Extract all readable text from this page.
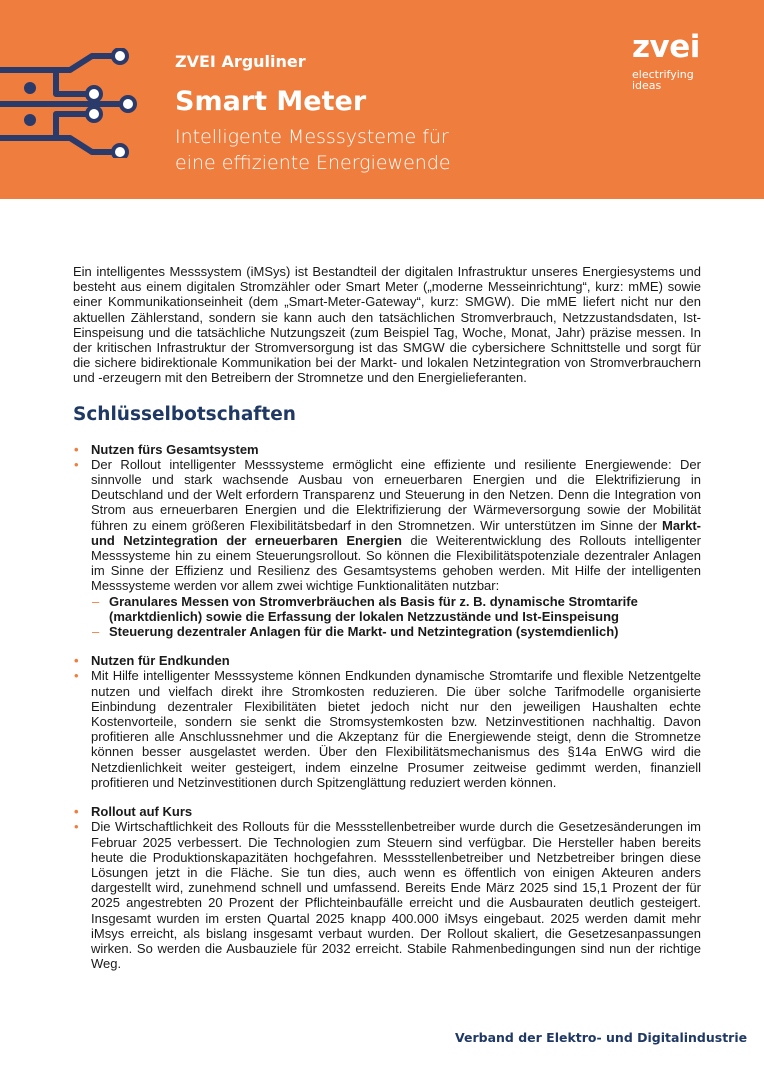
ZVEI Arguliner
Smart Meter
Intelligente Messsysteme für
eine effiziente Energiewende
zvei
electrifying
ideas

Ein intelligentes Messsystem (iMSys) ist Bestandteil der digitalen Infrastruktur unseres Energiesystems und besteht aus einem digitalen Stromzähler oder Smart Meter („moderne Messeinrichtung“, kurz: mME) sowie einer Kommunikationseinheit (dem „Smart-Meter-Gateway“, kurz: SMGW). Die mME liefert nicht nur den aktuellen Zählerstand, sondern sie kann auch den tatsächlichen Stromverbrauch, Netzzustandsdaten, Ist-Einspeisung und die tatsächliche Nutzungszeit (zum Beispiel Tag, Woche, Monat, Jahr) präzise messen. In der kritischen Infrastruktur der Stromversorgung ist das SMGW die cybersichere Schnittstelle und sorgt für die sichere bidirektionale Kommunikation bei der Markt- und lokalen Netzintegration von Stromverbrauchern und -erzeugern mit den Betreibern der Stromnetze und den Energielieferanten.

Schlüsselbotschaften

• Nutzen fürs Gesamtsystem

• Der Rollout intelligenter Messsysteme ermöglicht eine effiziente und resiliente Energiewende: Der sinnvolle und stark wachsende Ausbau von erneuerbaren Energien und die Elektrifizierung in Deutschland und der Welt erfordern Transparenz und Steuerung in den Netzen. Denn die Integration von Strom aus erneuerbaren Energien und die Elektrifizierung der Wärmeversorgung sowie der Mobilität führen zu einem größeren Flexibilitätsbedarf in den Stromnetzen. Wir unterstützen im Sinne der Markt- und Netzintegration der erneuerbaren Energien die Weiterentwicklung des Rollouts intelligenter Messsysteme hin zu einem Steuerungsrollout. So können die Flexibilitätspotenziale dezentraler Anlagen im Sinne der Effizienz und Resilienz des Gesamtsystems gehoben werden. Mit Hilfe der intelligenten Messsysteme werden vor allem zwei wichtige Funktionalitäten nutzbar:

– Granulares Messen von Stromverbräuchen als Basis für z. B. dynamische Stromtarife (marktdienlich) sowie die Erfassung der lokalen Netzzustände und Ist-Einspeisung

– Steuerung dezentraler Anlagen für die Markt- und Netzintegration (systemdienlich)

• Nutzen für Endkunden

• Mit Hilfe intelligenter Messsysteme können Endkunden dynamische Stromtarife und flexible Netzentgelte nutzen und vielfach direkt ihre Stromkosten reduzieren. Die über solche Tarifmodelle organisierte Einbindung dezentraler Flexibilitäten bietet jedoch nicht nur den jeweiligen Haushalten echte Kostenvorteile, sondern sie senkt die Stromsystemkosten bzw. Netzinvestitionen nachhaltig. Davon profitieren alle Anschlussnehmer und die Akzeptanz für die Energiewende steigt, denn die Stromnetze können besser ausgelastet werden. Über den Flexibilitätsmechanismus des §14a EnWG wird die Netzdienlichkeit weiter gesteigert, indem einzelne Prosumer zeitweise gedimmt werden, finanziell profitieren und Netzinvestitionen durch Spitzenglättung reduziert werden können.

• Rollout auf Kurs

• Die Wirtschaftlichkeit des Rollouts für die Messstellenbetreiber wurde durch die Gesetzesänderungen im Februar 2025 verbessert. Die Technologien zum Steuern sind verfügbar. Die Hersteller haben bereits heute die Produktionskapazitäten hochgefahren. Messstellenbetreiber und Netzbetreiber bringen diese Lösungen jetzt in die Fläche. Sie tun dies, auch wenn es öffentlich von einigen Akteuren anders dargestellt wird, zunehmend schnell und umfassend. Bereits Ende März 2025 sind 15,1 Prozent der für 2025 angestrebten 20 Prozent der Pflichteinbaufälle erreicht und die Ausbauraten deutlich gesteigert. Insgesamt wurden im ersten Quartal 2025 knapp 400.000 iMsys eingebaut. 2025 werden damit mehr iMsys erreicht, als bislang insgesamt verbaut wurden. Der Rollout skaliert, die Gesetzesanpassungen wirken. So werden die Ausbauziele für 2032 erreicht. Stabile Rahmenbedingungen sind nun der richtige Weg.

Verband der Elektro- und Digitalindustrie
